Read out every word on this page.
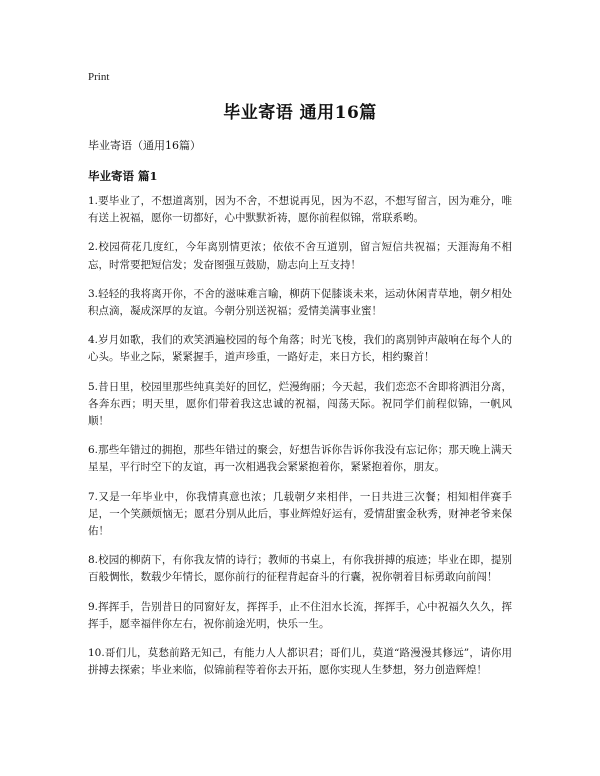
Print
毕业寄语 通用16篇

毕业寄语（通用16篇）

毕业寄语 篇1

1.要毕业了，不想道离别，因为不舍，不想说再见，因为不忍，不想写留言，因为难分，唯有送上祝福，愿你一切都好，心中默默祈祷，愿你前程似锦，常联系哟。

2.校园荷花几度红，今年离别情更浓；依依不舍互道别，留言短信共祝福；天涯海角不相忘，时常要把短信发；发奋图强互鼓励，励志向上互支持！

3.轻轻的我将离开你，不舍的滋味难言喻，柳荫下促膝谈未来，运动休闲青草地，朝夕相处积点滴，凝成深厚的友谊。今朝分别送祝福；爱情美满事业蜜！

4.岁月如歌，我们的欢笑洒遍校园的每个角落；时光飞梭，我们的离别钟声敲响在每个人的心头。毕业之际，紧紧握手，道声珍重，一路好走，来日方长，相约聚首！

5.昔日里，校园里那些纯真美好的回忆，烂漫绚丽；今天起，我们恋恋不舍即将洒泪分离，各奔东西；明天里，愿你们带着我这忠诚的祝福，闯荡天际。祝同学们前程似锦，一帆风顺！

6.那些年错过的拥抱，那些年错过的聚会，好想告诉你告诉你我没有忘记你；那天晚上满天星星，平行时空下的友谊，再一次相遇我会紧紧抱着你，紧紧抱着你，朋友。

7.又是一年毕业中，你我情真意也浓；几载朝夕来相伴，一日共进三次餐；相知相伴赛手足，一个笑颜烦恼无；愿君分别从此后，事业辉煌好运有，爱情甜蜜金秋秀，财神老爷来保佑！

8.校园的柳荫下，有你我友情的诗行；教师的书桌上，有你我拼搏的痕迹；毕业在即，提别百般惆怅，数载少年情长，愿你前行的征程背起奋斗的行囊，祝你朝着目标勇敢向前闯！

9.挥挥手，告别昔日的同窗好友，挥挥手，止不住泪水长流，挥挥手，心中祝福久久久，挥挥手，愿幸福伴你左右，祝你前途光明，快乐一生。

10.哥们儿，莫愁前路无知己，有能力人人都识君；哥们儿，莫道“路漫漫其修远”，请你用拼搏去探索；毕业来临，似锦前程等着你去开拓，愿你实现人生梦想，努力创造辉煌！
